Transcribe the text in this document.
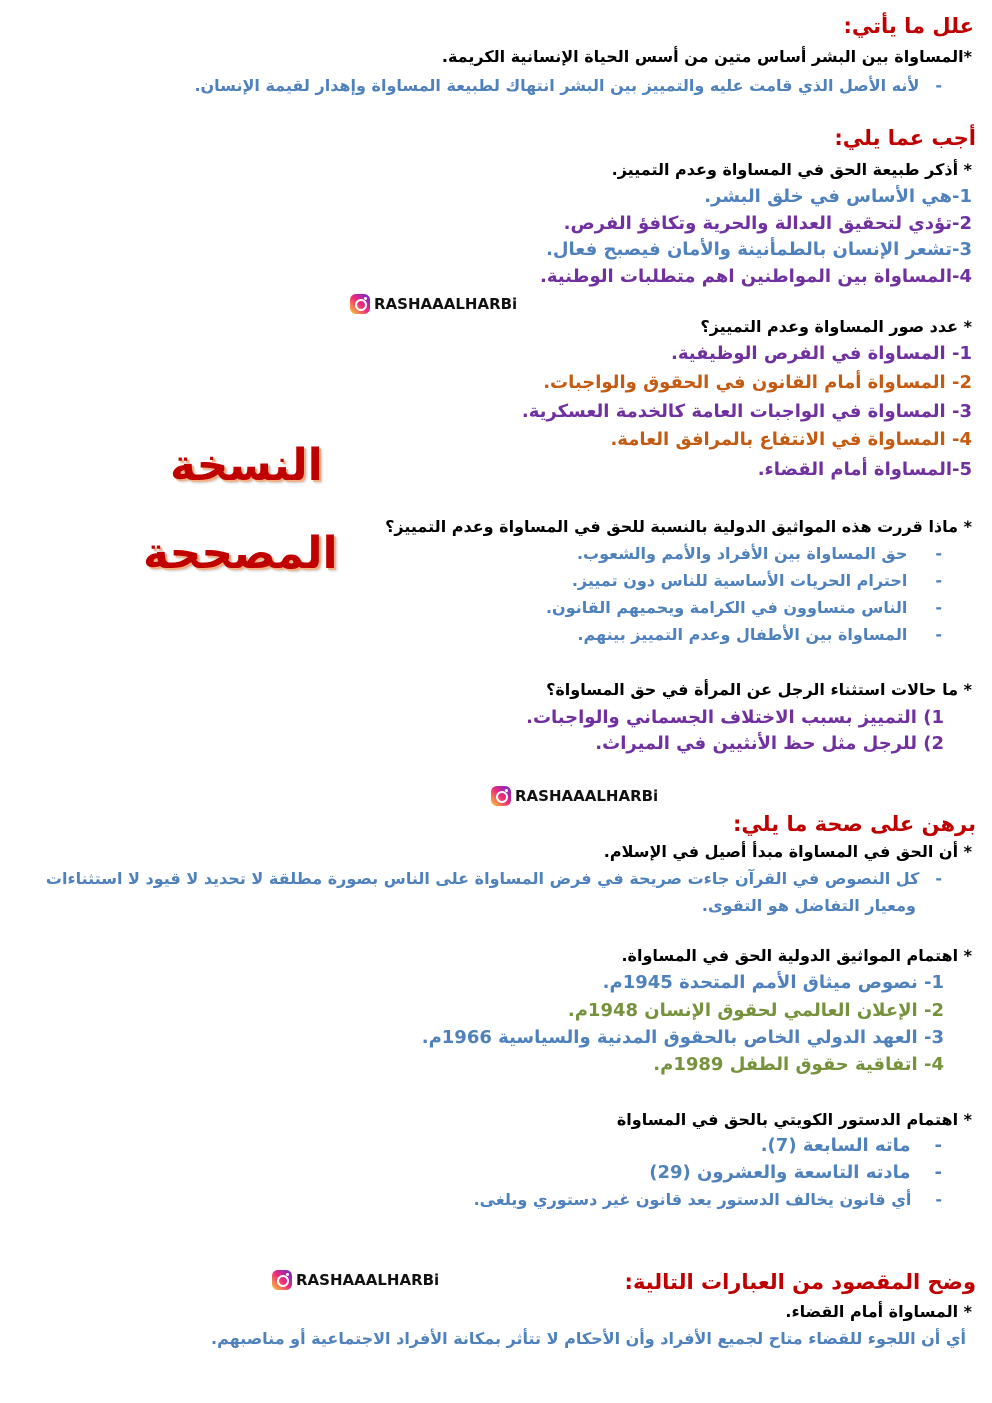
علل ما يأتي:
*المساواة بين البشر أساس متين من أسس الحياة الإنسانية الكريمة.
-لأنه الأصل الذي قامت عليه والتمييز بين البشر انتهاك لطبيعة المساواة وإهدار لقيمة الإنسان.
أجب عما يلي:
* أذكر طبيعة الحق في المساواة وعدم التمييز.
1-هي الأساس في خلق البشر.
2-تؤدي لتحقيق العدالة والحرية وتكافؤ الفرص.
3-تشعر الإنسان بالطمأنينة والأمان فيصبح فعال.
4-المساواة بين المواطنين اهم متطلبات الوطنية.
RASHAAALHARBi
* عدد صور المساواة وعدم التمييز؟
1- المساواة في الفرص الوظيفية.
2- المساواة أمام القانون في الحقوق والواجبات.
3- المساواة في الواجبات العامة كالخدمة العسكرية.
4- المساواة في الانتفاع بالمرافق العامة.
5-المساواة أمام القضاء.
النسخة
المصححة
* ماذا قررت هذه المواثيق الدولية بالنسبة للحق في المساواة وعدم التمييز؟
-حق المساواة بين الأفراد والأمم والشعوب.
-احترام الحريات الأساسية للناس دون تمييز.
-الناس متساوون في الكرامة ويحميهم القانون.
-المساواة بين الأطفال وعدم التمييز بينهم.
* ما حالات استثناء الرجل عن المرأة في حق المساواة؟
1) التمييز بسبب الاختلاف الجسماني والواجبات.
2) للرجل مثل حظ الأنثيين في الميراث.
RASHAAALHARBi
برهن على صحة ما يلي:
* أن الحق في المساواة مبدأ أصيل في الإسلام.
-كل النصوص في القرآن جاءت صريحة في فرض المساواة على الناس بصورة مطلقة لا تحديد لا قيود لا استثناءات
ومعيار التفاضل هو التقوى.
* اهتمام المواثيق الدولية الحق في المساواة.
1- نصوص ميثاق الأمم المتحدة 1945م.
2- الإعلان العالمي لحقوق الإنسان 1948م.
3- العهد الدولي الخاص بالحقوق المدنية والسياسية 1966م.
4- اتفاقية حقوق الطفل 1989م.
* اهتمام الدستور الكويتي بالحق في المساواة
-ماته السابعة (7).
-مادته التاسعة والعشرون (29)
-أي قانون يخالف الدستور يعد قانون غير دستوري ويلغى.
RASHAAALHARBi	وضح المقصود من العبارات التالية:
* المساواة أمام القضاء.
أي أن اللجوء للقضاء متاح لجميع الأفراد وأن الأحكام لا تتأثر بمكانة الأفراد الاجتماعية أو مناصبهم.
